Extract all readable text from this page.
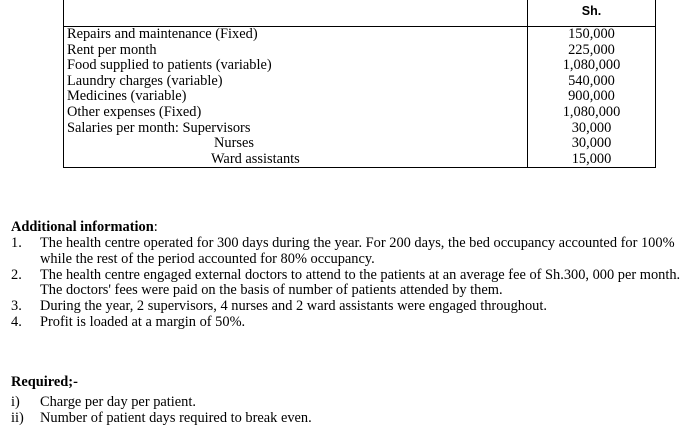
	Sh.
Repairs and maintenance (Fixed)	150,000
Rent per month	225,000
Food supplied to patients (variable)	1,080,000
Laundry charges (variable)	540,000
Medicines (variable)	900,000
Other expenses (Fixed)	1,080,000
Salaries per month: Supervisors	30,000
Nurses	30,000
Ward assistants	15,000

Additional information:

1. The health centre operated for 300 days during the year. For 200 days, the bed occupancy accounted for 100% while the rest of the period accounted for 80% occupancy.
2. The health centre engaged external doctors to attend to the patients at an average fee of Sh.300, 000 per month. The doctors' fees were paid on the basis of number of patients attended by them.
3. During the year, 2 supervisors, 4 nurses and 2 ward assistants were engaged throughout.
4. Profit is loaded at a margin of 50%.

Required;-

i) Charge per day per patient.
ii) Number of patient days required to break even.
